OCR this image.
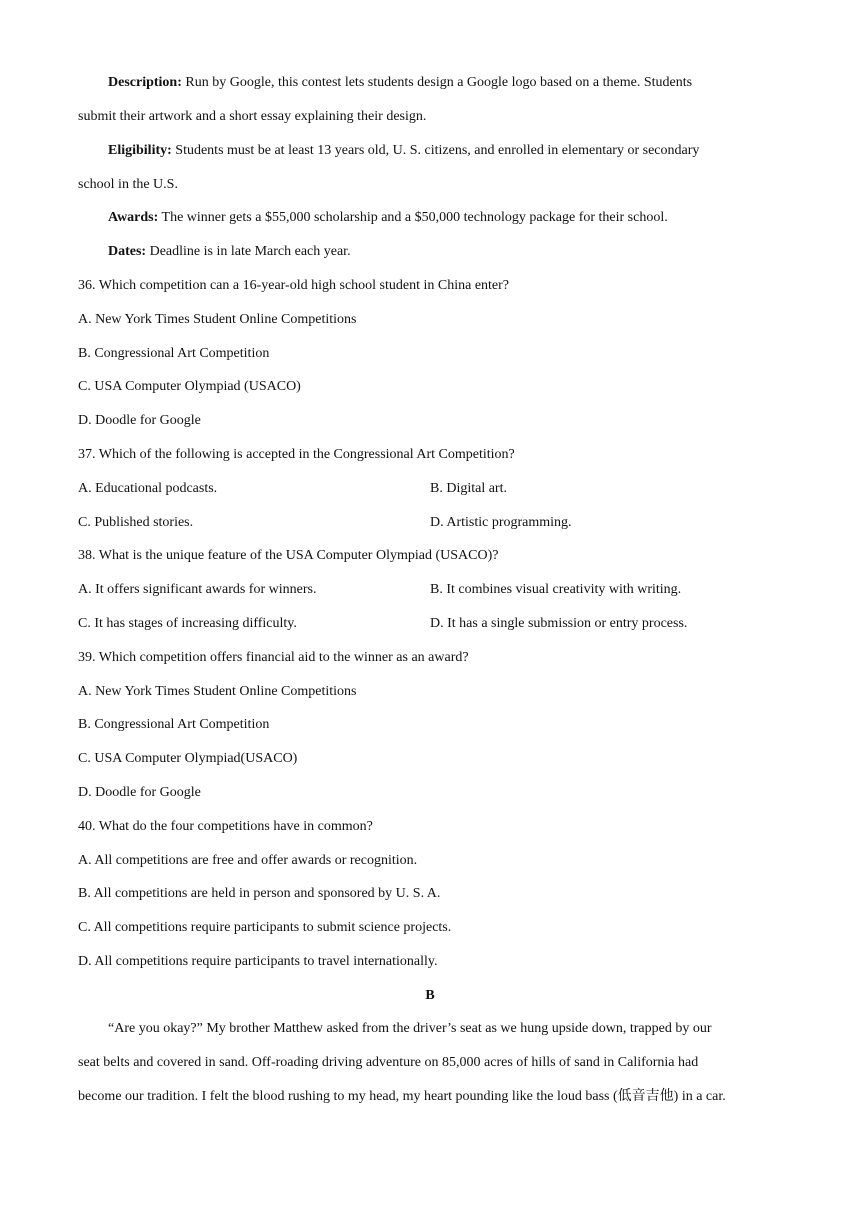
Description: Run by Google, this contest lets students design a Google logo based on a theme. Students
submit their artwork and a short essay explaining their design.
Eligibility: Students must be at least 13 years old, U. S. citizens, and enrolled in elementary or secondary
school in the U.S.
Awards: The winner gets a $55,000 scholarship and a $50,000 technology package for their school.
Dates: Deadline is in late March each year.
36. Which competition can a 16-year-old high school student in China enter?
A. New York Times Student Online Competitions
B. Congressional Art Competition
C. USA Computer Olympiad (USACO)
D. Doodle for Google
37. Which of the following is accepted in the Congressional Art Competition?
A. Educational podcasts.	B. Digital art.
C. Published stories.	D. Artistic programming.
38. What is the unique feature of the USA Computer Olympiad (USACO)?
A. It offers significant awards for winners.	B. It combines visual creativity with writing.
C. It has stages of increasing difficulty.	D. It has a single submission or entry process.
39. Which competition offers financial aid to the winner as an award?
A. New York Times Student Online Competitions
B. Congressional Art Competition
C. USA Computer Olympiad(USACO)
D. Doodle for Google
40. What do the four competitions have in common?
A. All competitions are free and offer awards or recognition.
B. All competitions are held in person and sponsored by U. S. A.
C. All competitions require participants to submit science projects.
D. All competitions require participants to travel internationally.
B
“Are you okay?” My brother Matthew asked from the driver’s seat as we hung upside down, trapped by our
seat belts and covered in sand. Off-roading driving adventure on 85,000 acres of hills of sand in California had
become our tradition. I felt the blood rushing to my head, my heart pounding like the loud bass (低音吉他) in a car.
